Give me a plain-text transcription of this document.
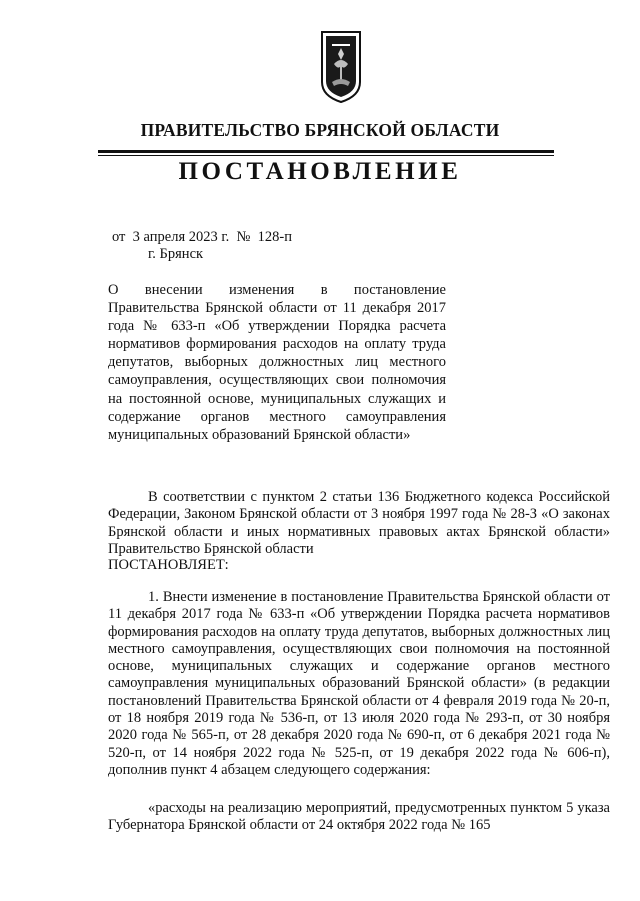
ПРАВИТЕЛЬСТВО БРЯНСКОЙ ОБЛАСТИ
ПОСТАНОВЛЕНИЕ
от  3 апреля 2023 г.  №  128-п
г. Брянск
О внесении изменения в постановление Правительства Брянской области от 11 декабря 2017 года № 633-п «Об утверждении Порядка расчета нормативов формирования расходов на оплату труда депутатов, выборных должностных лиц местного самоуправления, осуществляющих свои полномочия на постоянной основе, муниципальных служащих и содержание органов местного самоуправления муниципальных образований Брянской области»
В соответствии с пунктом 2 статьи 136 Бюджетного кодекса Российской Федерации, Законом Брянской области от 3 ноября 1997 года № 28-З «О законах Брянской области и иных нормативных правовых актах Брянской области» Правительство Брянской области
ПОСТАНОВЛЯЕТ:
1. Внести изменение в постановление Правительства Брянской области от 11 декабря 2017 года № 633-п «Об утверждении Порядка расчета нормативов формирования расходов на оплату труда депутатов, выборных должностных лиц местного самоуправления, осуществляющих свои полномочия на постоянной основе, муниципальных служащих и содержание органов местного самоуправления муниципальных образований Брянской области» (в редакции постановлений Правительства Брянской области от 4 февраля 2019 года № 20-п, от 18 ноября 2019 года № 536-п, от 13 июля 2020 года № 293-п, от 30 ноября 2020 года № 565-п, от 28 декабря 2020 года № 690-п, от 6 декабря 2021 года № 520-п, от 14 ноября 2022 года № 525-п, от 19 декабря 2022 года № 606-п), дополнив пункт 4 абзацем следующего содержания:
«расходы на реализацию мероприятий, предусмотренных пунктом 5 указа Губернатора Брянской области от 24 октября 2022 года № 165
